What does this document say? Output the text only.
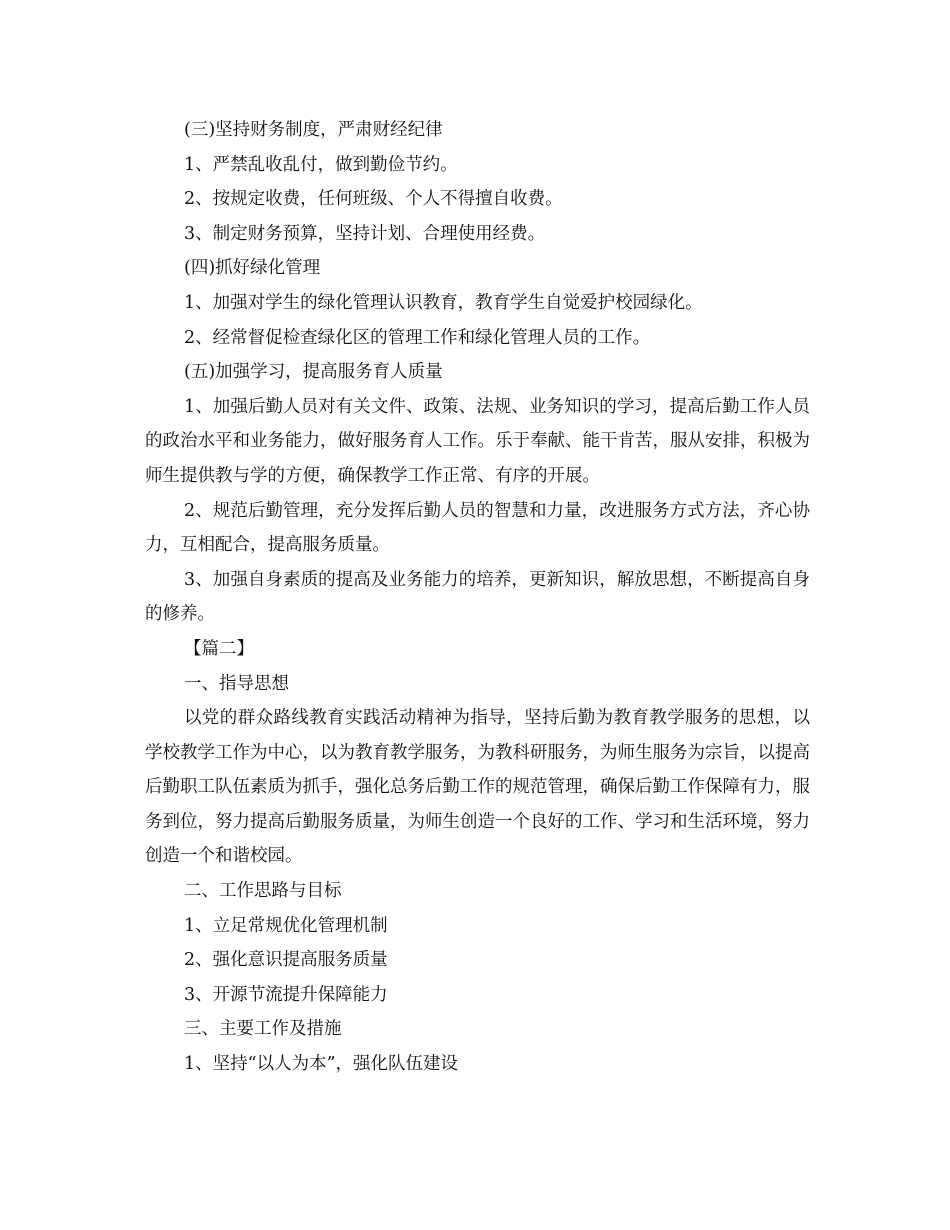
(三)坚持财务制度，严肃财经纪律
1、严禁乱收乱付，做到勤俭节约。
2、按规定收费，任何班级、个人不得擅自收费。
3、制定财务预算，坚持计划、合理使用经费。
(四)抓好绿化管理
1、加强对学生的绿化管理认识教育，教育学生自觉爱护校园绿化。
2、经常督促检查绿化区的管理工作和绿化管理人员的工作。
(五)加强学习，提高服务育人质量

1、加强后勤人员对有关文件、政策、法规、业务知识的学习，提高后勤工作人员的政治水平和业务能力，做好服务育人工作。乐于奉献、能干肯苦，服从安排，积极为师生提供教与学的方便，确保教学工作正常、有序的开展。

2、规范后勤管理，充分发挥后勤人员的智慧和力量，改进服务方式方法，齐心协力，互相配合，提高服务质量。

3、加强自身素质的提高及业务能力的培养，更新知识，解放思想，不断提高自身的修养。

【篇二】
一、指导思想

以党的群众路线教育实践活动精神为指导，坚持后勤为教育教学服务的思想，以学校教学工作为中心，以为教育教学服务，为教科研服务，为师生服务为宗旨，以提高后勤职工队伍素质为抓手，强化总务后勤工作的规范管理，确保后勤工作保障有力，服务到位，努力提高后勤服务质量，为师生创造一个良好的工作、学习和生活环境，努力创造一个和谐校园。

二、工作思路与目标
1、立足常规优化管理机制
2、强化意识提高服务质量
3、开源节流提升保障能力
三、主要工作及措施
1、坚持“以人为本”，强化队伍建设
